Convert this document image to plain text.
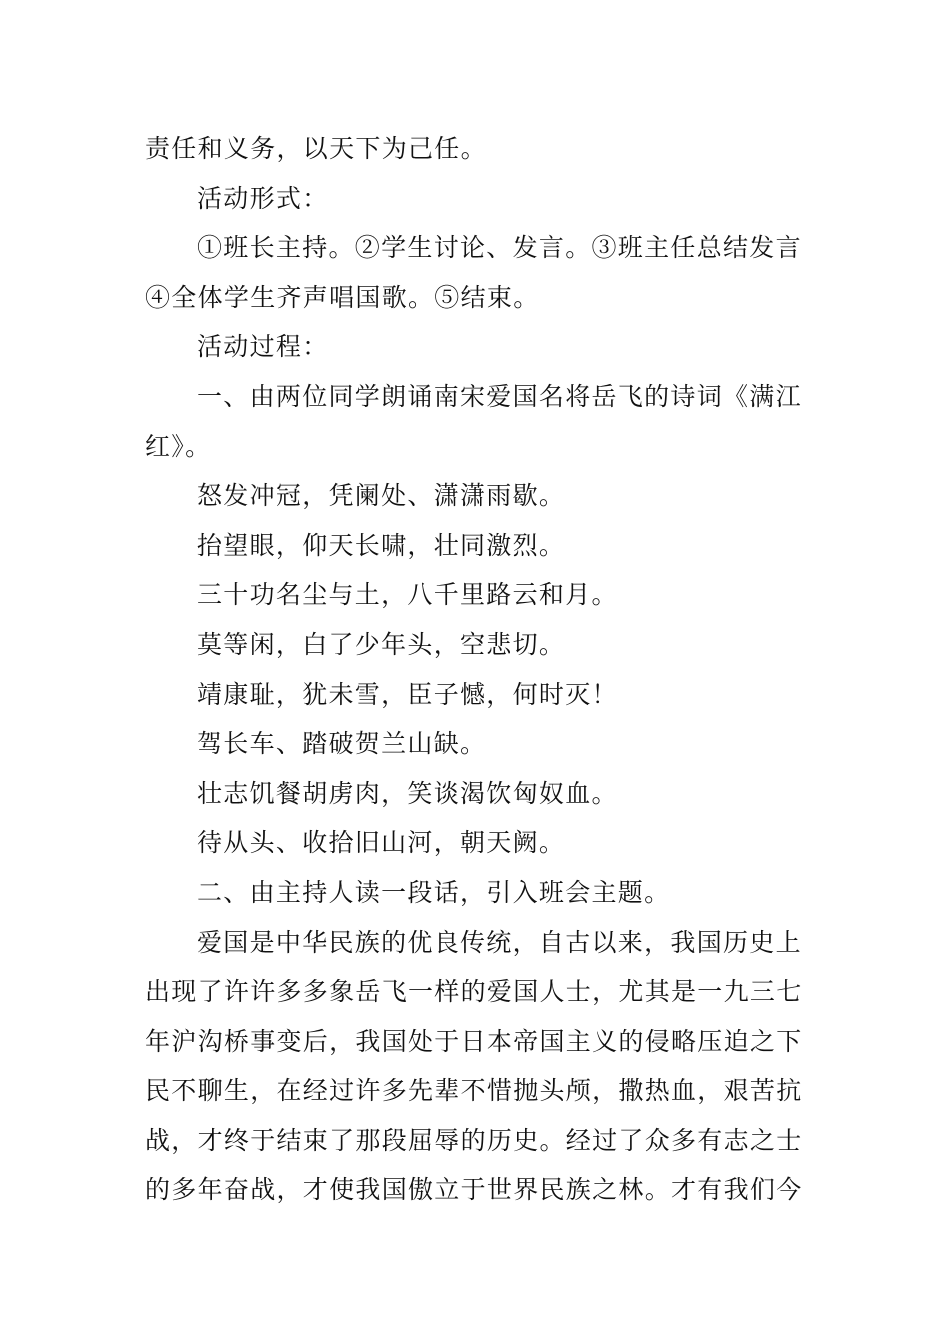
责任和义务，以天下为己任。
活动形式：
①班长主持。②学生讨论、发言。③班主任总结发言
④全体学生齐声唱国歌。⑤结束。
活动过程：
一、由两位同学朗诵南宋爱国名将岳飞的诗词《满江
红》。
怒发冲冠，凭阑处、潇潇雨歇。
抬望眼，仰天长啸，壮同激烈。
三十功名尘与土，八千里路云和月。
莫等闲，白了少年头，空悲切。
靖康耻，犹未雪，臣子憾，何时灭！
驾长车、踏破贺兰山缺。
壮志饥餐胡虏肉，笑谈渴饮匈奴血。
待从头、收拾旧山河，朝天阙。
二、由主持人读一段话，引入班会主题。
爱国是中华民族的优良传统，自古以来，我国历史上
出现了许许多多象岳飞一样的爱国人士，尤其是一九三七
年沪沟桥事变后，我国处于日本帝国主义的侵略压迫之下
民不聊生，在经过许多先辈不惜抛头颅，撒热血，艰苦抗
战，才终于结束了那段屈辱的历史。经过了众多有志之士
的多年奋战，才使我国傲立于世界民族之林。才有我们今
